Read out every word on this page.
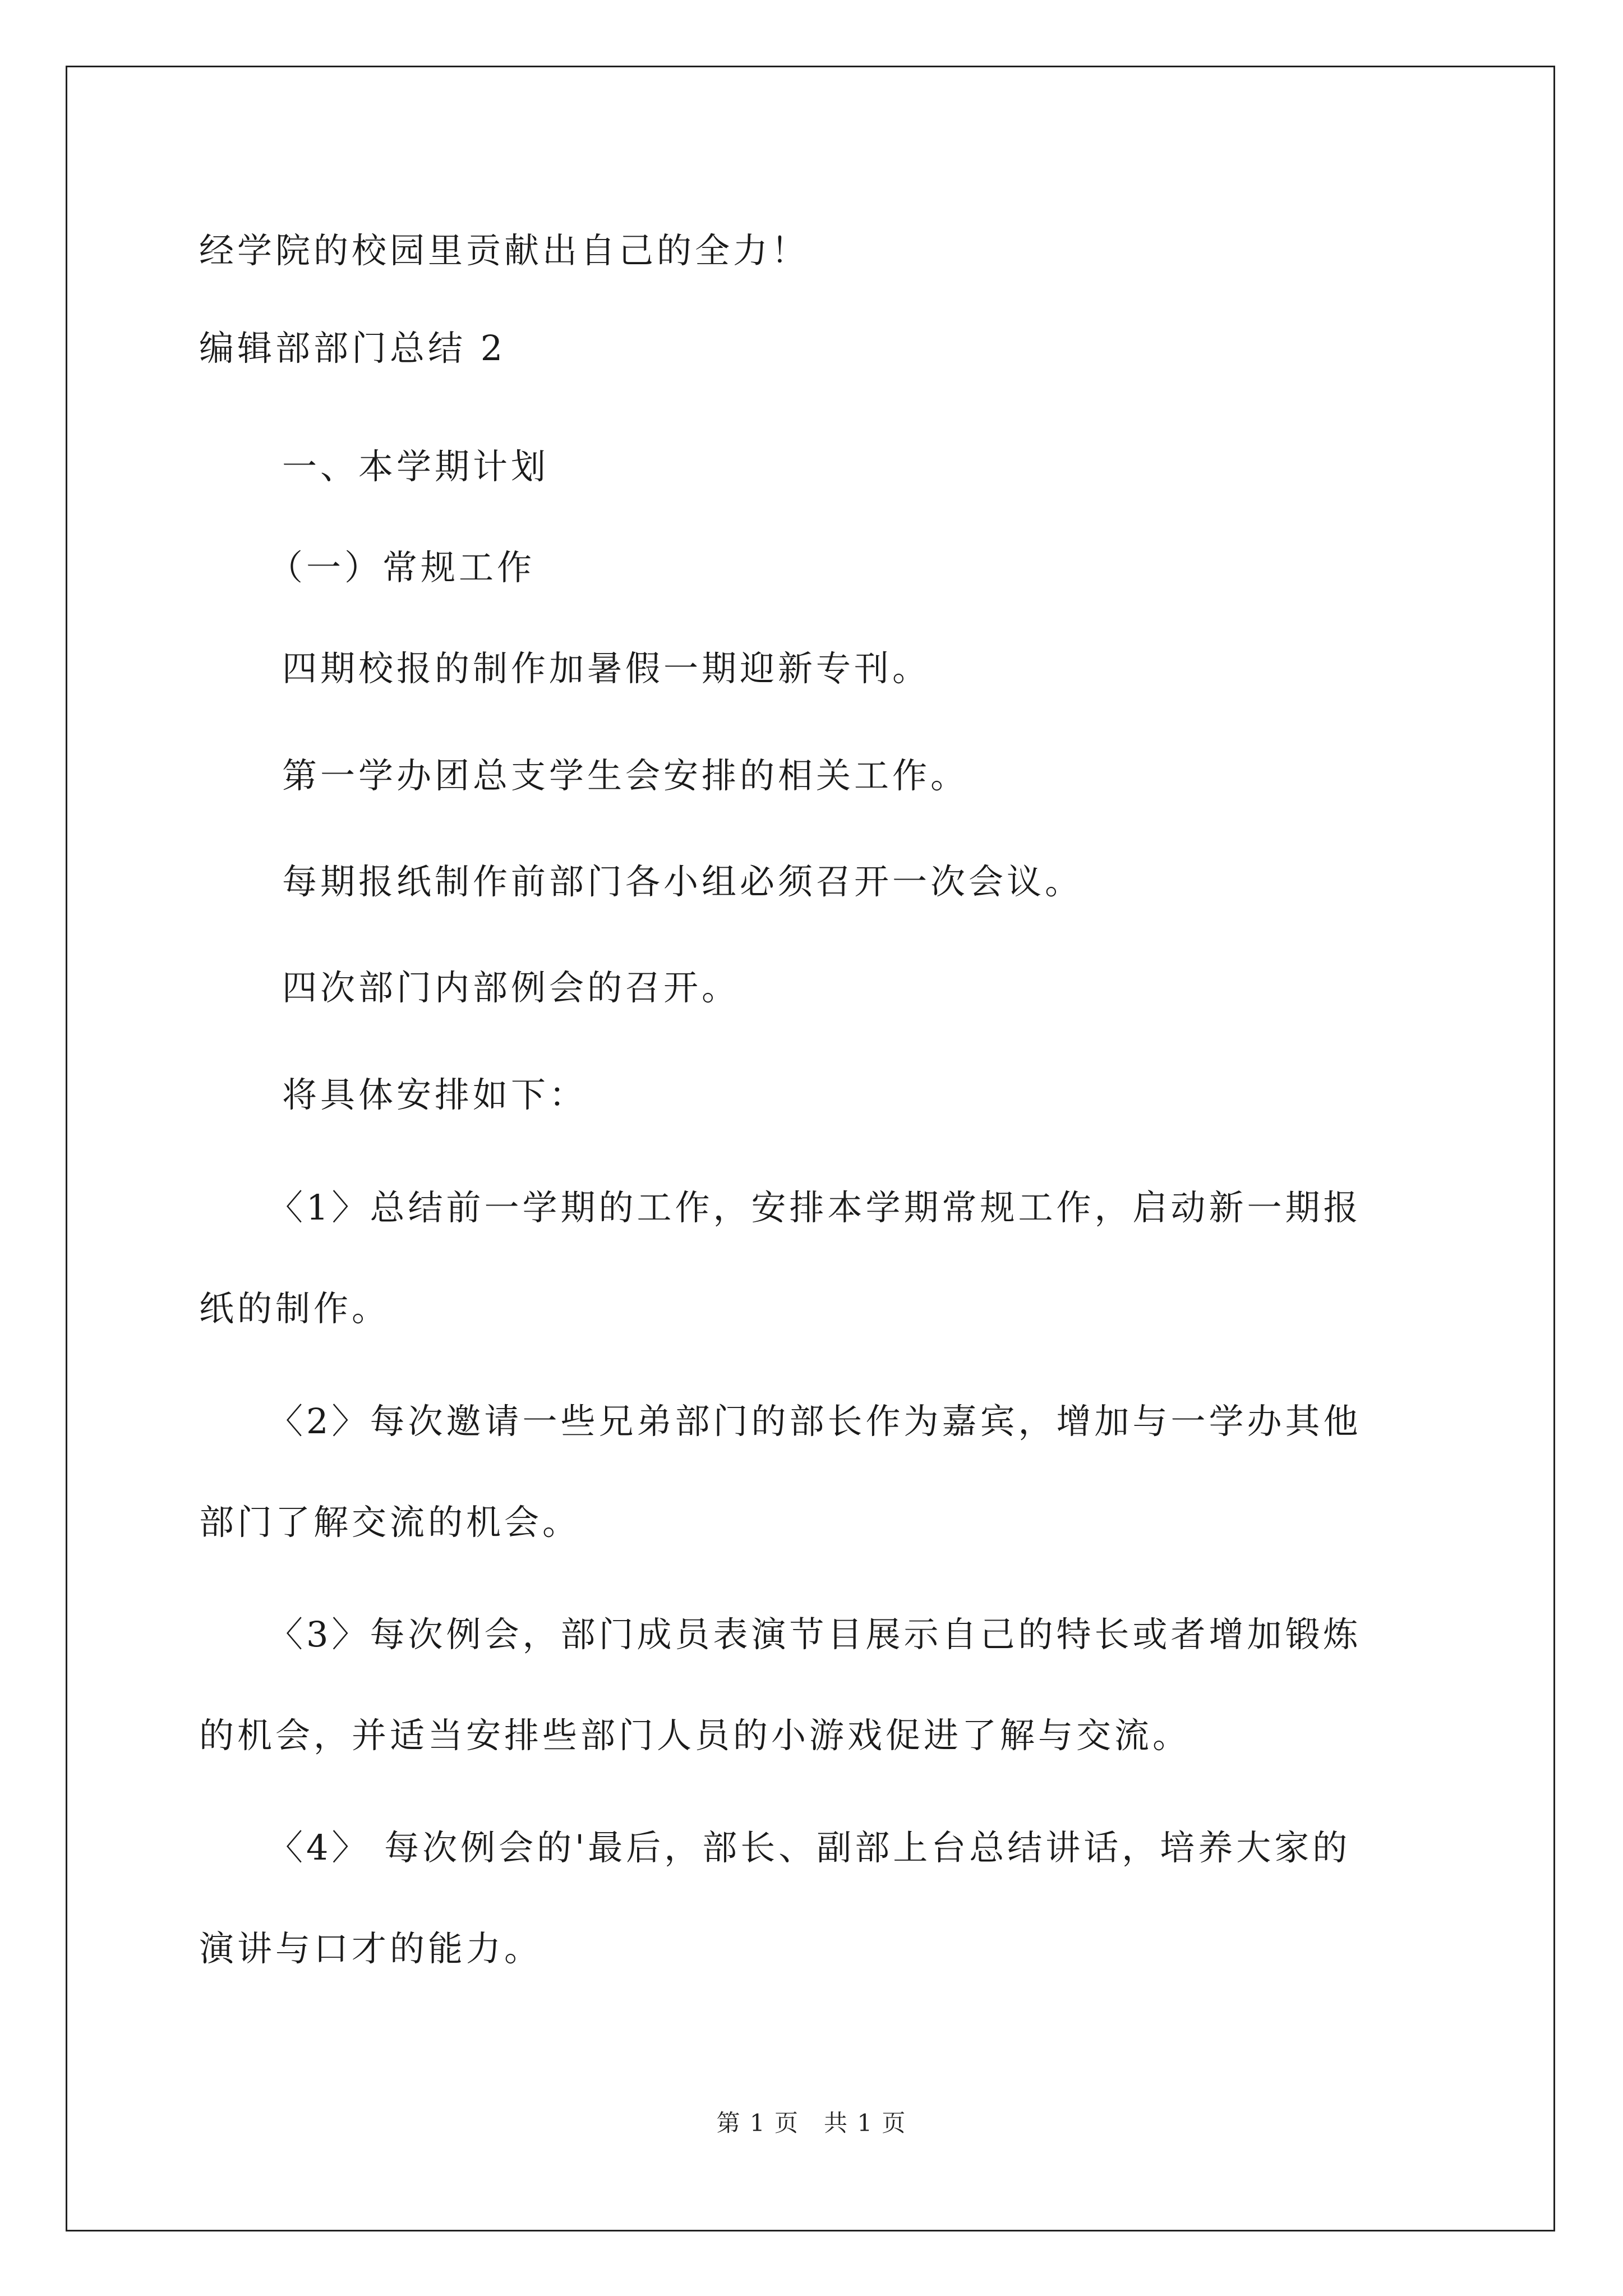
经学院的校园里贡献出自己的全力！
编辑部部门总结 2
一、本学期计划
（一）常规工作
四期校报的制作加暑假一期迎新专刊。
第一学办团总支学生会安排的相关工作。
每期报纸制作前部门各小组必须召开一次会议。
四次部门内部例会的召开。
将具体安排如下：
〈1〉总结前一学期的工作，安排本学期常规工作，启动新一期报
纸的制作。
〈2〉每次邀请一些兄弟部门的部长作为嘉宾，增加与一学办其他
部门了解交流的机会。
〈3〉每次例会，部门成员表演节目展示自己的特长或者增加锻炼
的机会，并适当安排些部门人员的小游戏促进了解与交流。
〈4〉 每次例会的'最后，部长、副部上台总结讲话，培养大家的
演讲与口才的能力。
第 1 页　共 1 页
